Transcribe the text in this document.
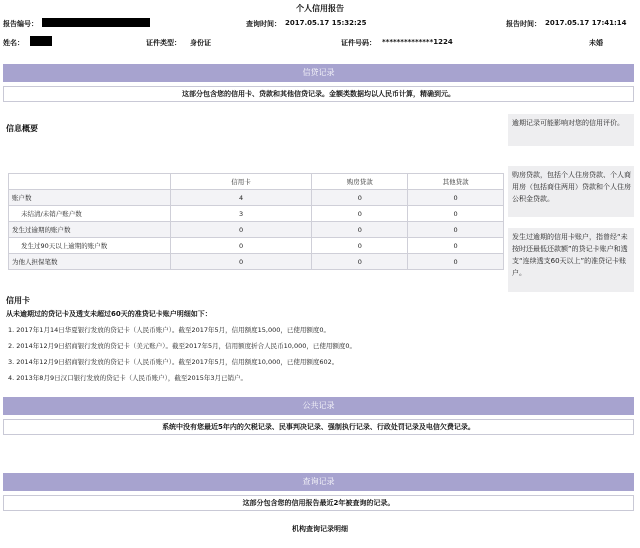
个人信用报告
报告编号：	查询时间： 2017.05.17 15:32:25	报告时间： 2017.05.17 17:41:14
姓名：	证件类型： 身份证	证件号码： **************1224	未婚
信贷记录
这部分包含您的信用卡、贷款和其他信贷记录。金额类数据均以人民币计算，精确到元。
信息概要
逾期记录可能影响对您的信用评价。
购房贷款，包括个人住房贷款、个人商用房（包括商住两用）贷款和个人住房公积金贷款。
发生过逾期的信用卡账户，指曾经“未按时还最低还款额”的贷记卡账户和透支“连续透支60天以上”的准贷记卡账户。
	信用卡	购房贷款	其他贷款
账户数	4	0	0
未结清/未销户账户数	3	0	0
发生过逾期的账户数	0	0	0
发生过90天以上逾期的账户数	0	0	0
为他人担保笔数	0	0	0
信用卡
从未逾期过的贷记卡及透支未超过60天的准贷记卡账户明细如下：
1. 2017年1月14日华夏银行发放的贷记卡（人民币账户）。截至2017年5月，信用额度15,000，已使用额度0。
2. 2014年12月9日招商银行发放的贷记卡（美元账户）。截至2017年5月，信用额度折合人民币10,000，已使用额度0。
3. 2014年12月9日招商银行发放的贷记卡（人民币账户）。截至2017年5月，信用额度10,000，已使用额度602。
4. 2013年8月9日汉口银行发放的贷记卡（人民币账户），截至2015年3月已销户。
公共记录
系统中没有您最近5年内的欠税记录、民事判决记录、强制执行记录、行政处罚记录及电信欠费记录。
查询记录
这部分包含您的信用报告最近2年被查询的记录。
机构查询记录明细
